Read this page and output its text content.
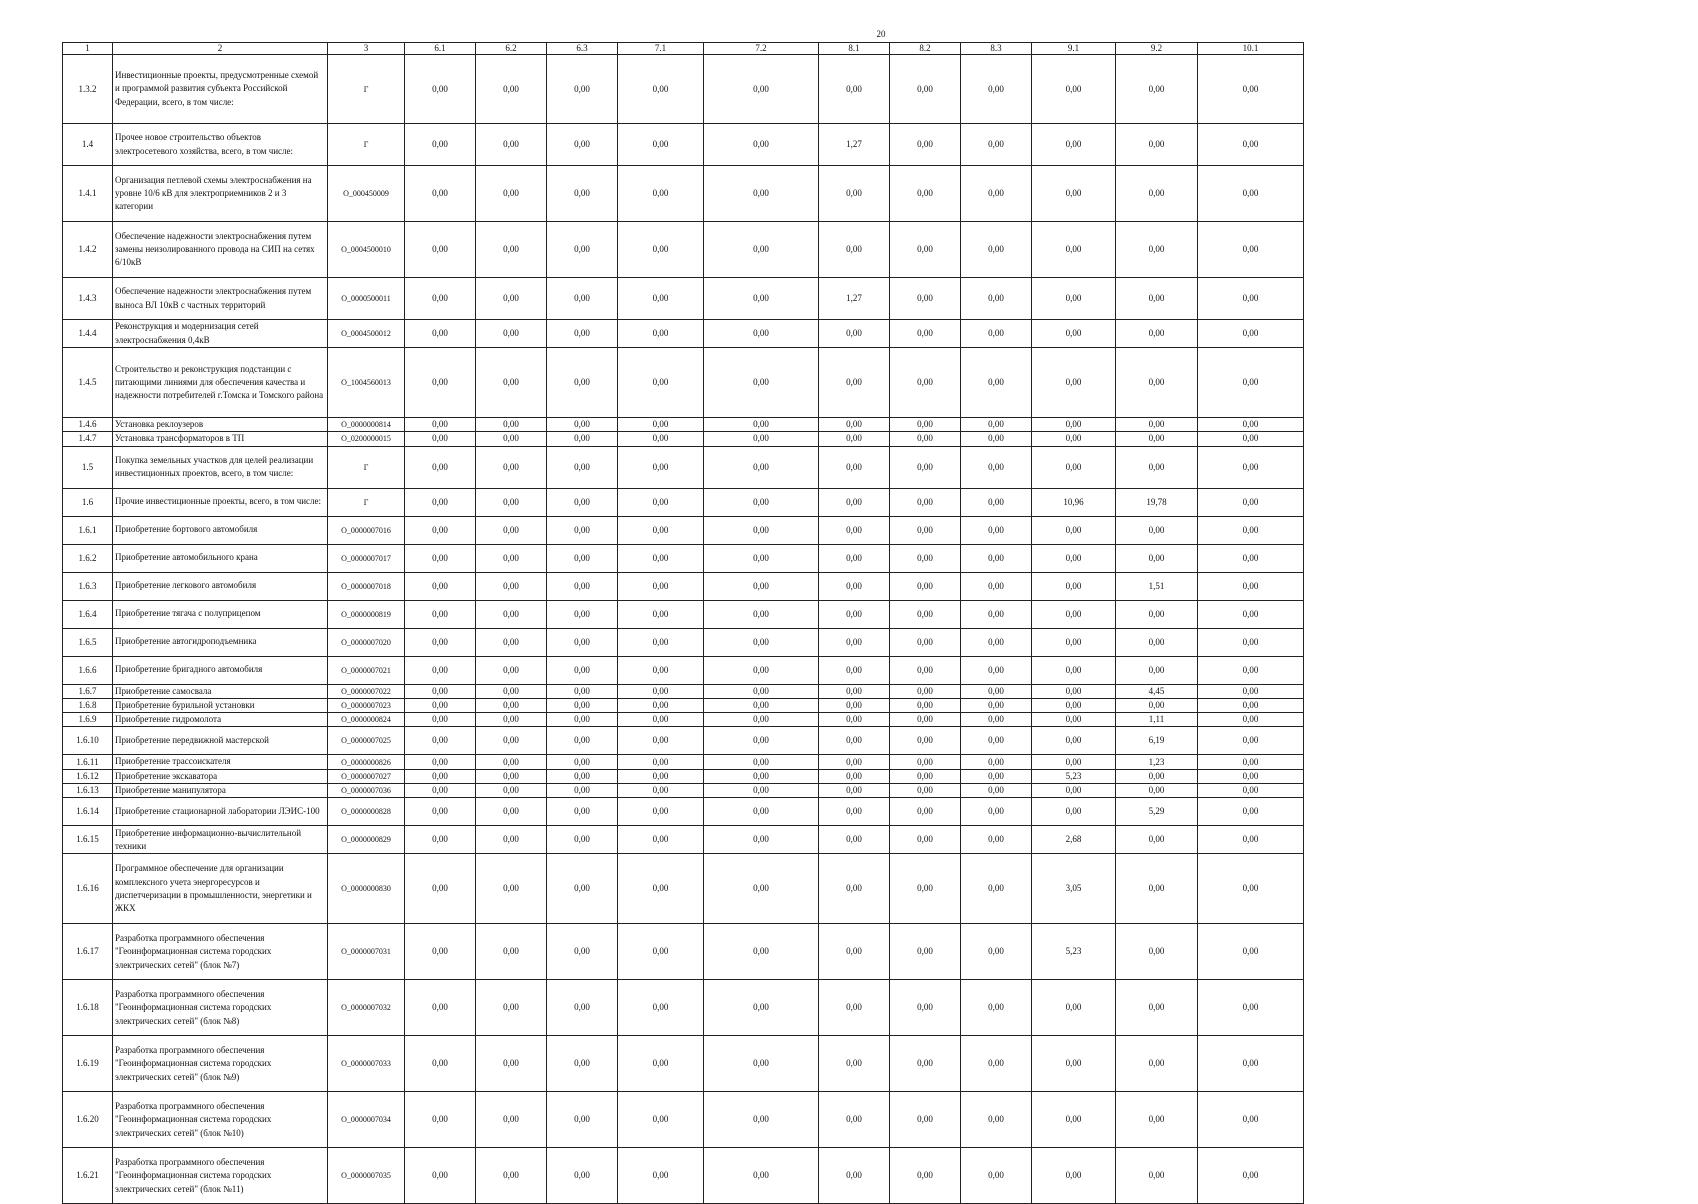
20
1	2	3	6.1	6.2	6.3	7.1	7.2	8.1	8.2	8.3	9.1	9.2	10.1
1.3.2	Инвестиционные проекты, предусмотренные схемой и программой развития субъекта Российской Федерации, всего, в том числе:	Г	0,00	0,00	0,00	0,00	0,00	0,00	0,00	0,00	0,00	0,00	0,00
1.4	Прочее новое строительство объектов электросетевого хозяйства, всего, в том числе:	Г	0,00	0,00	0,00	0,00	0,00	1,27	0,00	0,00	0,00	0,00	0,00
1.4.1	Организация петлевой схемы электроснабжения на уровне 10/6 кВ для электроприемников 2 и 3 категории	О_000450009	0,00	0,00	0,00	0,00	0,00	0,00	0,00	0,00	0,00	0,00	0,00
1.4.2	Обеспечение надежности электроснабжения путем замены неизолированного провода на СИП на сетях 6/10кВ	О_0004500010	0,00	0,00	0,00	0,00	0,00	0,00	0,00	0,00	0,00	0,00	0,00
1.4.3	Обеспечение надежности электроснабжения путем выноса ВЛ 10кВ с частных территорий	О_0000500011	0,00	0,00	0,00	0,00	0,00	1,27	0,00	0,00	0,00	0,00	0,00
1.4.4	Реконструкция и модернизация сетей электроснабжения 0,4кВ	О_0004500012	0,00	0,00	0,00	0,00	0,00	0,00	0,00	0,00	0,00	0,00	0,00
1.4.5	Строительство и реконструкция подстанции с питающими линиями для обеспечения качества и надежности потребителей г.Томска и Томского района	О_1004560013	0,00	0,00	0,00	0,00	0,00	0,00	0,00	0,00	0,00	0,00	0,00
1.4.6	Установка реклоузеров	О_0000000814	0,00	0,00	0,00	0,00	0,00	0,00	0,00	0,00	0,00	0,00	0,00
1.4.7	Установка трансформаторов в ТП	О_0200000015	0,00	0,00	0,00	0,00	0,00	0,00	0,00	0,00	0,00	0,00	0,00
1.5	Покупка земельных участков для целей реализации инвестиционных проектов, всего, в том числе:	Г	0,00	0,00	0,00	0,00	0,00	0,00	0,00	0,00	0,00	0,00	0,00
1.6	Прочие инвестиционные проекты, всего, в том числе:	Г	0,00	0,00	0,00	0,00	0,00	0,00	0,00	0,00	10,96	19,78	0,00
1.6.1	Приобретение бортового автомобиля	О_0000007016	0,00	0,00	0,00	0,00	0,00	0,00	0,00	0,00	0,00	0,00	0,00
1.6.2	Приобретение автомобильного крана	О_0000007017	0,00	0,00	0,00	0,00	0,00	0,00	0,00	0,00	0,00	0,00	0,00
1.6.3	Приобретение легкового автомобиля	О_0000007018	0,00	0,00	0,00	0,00	0,00	0,00	0,00	0,00	0,00	1,51	0,00
1.6.4	Приобретение тягача с полуприцепом	О_0000000819	0,00	0,00	0,00	0,00	0,00	0,00	0,00	0,00	0,00	0,00	0,00
1.6.5	Приобретение автогидроподъемника	О_0000007020	0,00	0,00	0,00	0,00	0,00	0,00	0,00	0,00	0,00	0,00	0,00
1.6.6	Приобретение бригадного автомобиля	О_0000007021	0,00	0,00	0,00	0,00	0,00	0,00	0,00	0,00	0,00	0,00	0,00
1.6.7	Приобретение самосвала	О_0000007022	0,00	0,00	0,00	0,00	0,00	0,00	0,00	0,00	0,00	4,45	0,00
1.6.8	Приобретение бурильной установки	О_0000007023	0,00	0,00	0,00	0,00	0,00	0,00	0,00	0,00	0,00	0,00	0,00
1.6.9	Приобретение гидромолота	О_0000000824	0,00	0,00	0,00	0,00	0,00	0,00	0,00	0,00	0,00	1,11	0,00
1.6.10	Приобретение передвижной мастерской	О_0000007025	0,00	0,00	0,00	0,00	0,00	0,00	0,00	0,00	0,00	6,19	0,00
1.6.11	Приобретение трассоискателя	О_0000000826	0,00	0,00	0,00	0,00	0,00	0,00	0,00	0,00	0,00	1,23	0,00
1.6.12	Приобретение экскаватора	О_0000007027	0,00	0,00	0,00	0,00	0,00	0,00	0,00	0,00	5,23	0,00	0,00
1.6.13	Приобретение манипулятора	О_0000007036	0,00	0,00	0,00	0,00	0,00	0,00	0,00	0,00	0,00	0,00	0,00
1.6.14	Приобретение стационарной лаборатории ЛЭИС-100	О_0000000828	0,00	0,00	0,00	0,00	0,00	0,00	0,00	0,00	0,00	5,29	0,00
1.6.15	Приобретение информационно-вычислительной техники	О_0000000829	0,00	0,00	0,00	0,00	0,00	0,00	0,00	0,00	2,68	0,00	0,00
1.6.16	Программное обеспечение для организации комплексного учета энергоресурсов и диспетчеризации в промышленности, энергетики и ЖКХ	О_0000000830	0,00	0,00	0,00	0,00	0,00	0,00	0,00	0,00	3,05	0,00	0,00
1.6.17	Разработка программного обеспечения "Геоинформационная система городских электрических сетей" (блок №7)	О_0000007031	0,00	0,00	0,00	0,00	0,00	0,00	0,00	0,00	5,23	0,00	0,00
1.6.18	Разработка программного обеспечения "Геоинформационная система городских электрических сетей" (блок №8)	О_0000007032	0,00	0,00	0,00	0,00	0,00	0,00	0,00	0,00	0,00	0,00	0,00
1.6.19	Разработка программного обеспечения "Геоинформационная система городских электрических сетей" (блок №9)	О_0000007033	0,00	0,00	0,00	0,00	0,00	0,00	0,00	0,00	0,00	0,00	0,00
1.6.20	Разработка программного обеспечения "Геоинформационная система городских электрических сетей" (блок №10)	О_0000007034	0,00	0,00	0,00	0,00	0,00	0,00	0,00	0,00	0,00	0,00	0,00
1.6.21	Разработка программного обеспечения "Геоинформационная система городских электрических сетей" (блок №11)	О_0000007035	0,00	0,00	0,00	0,00	0,00	0,00	0,00	0,00	0,00	0,00	0,00
